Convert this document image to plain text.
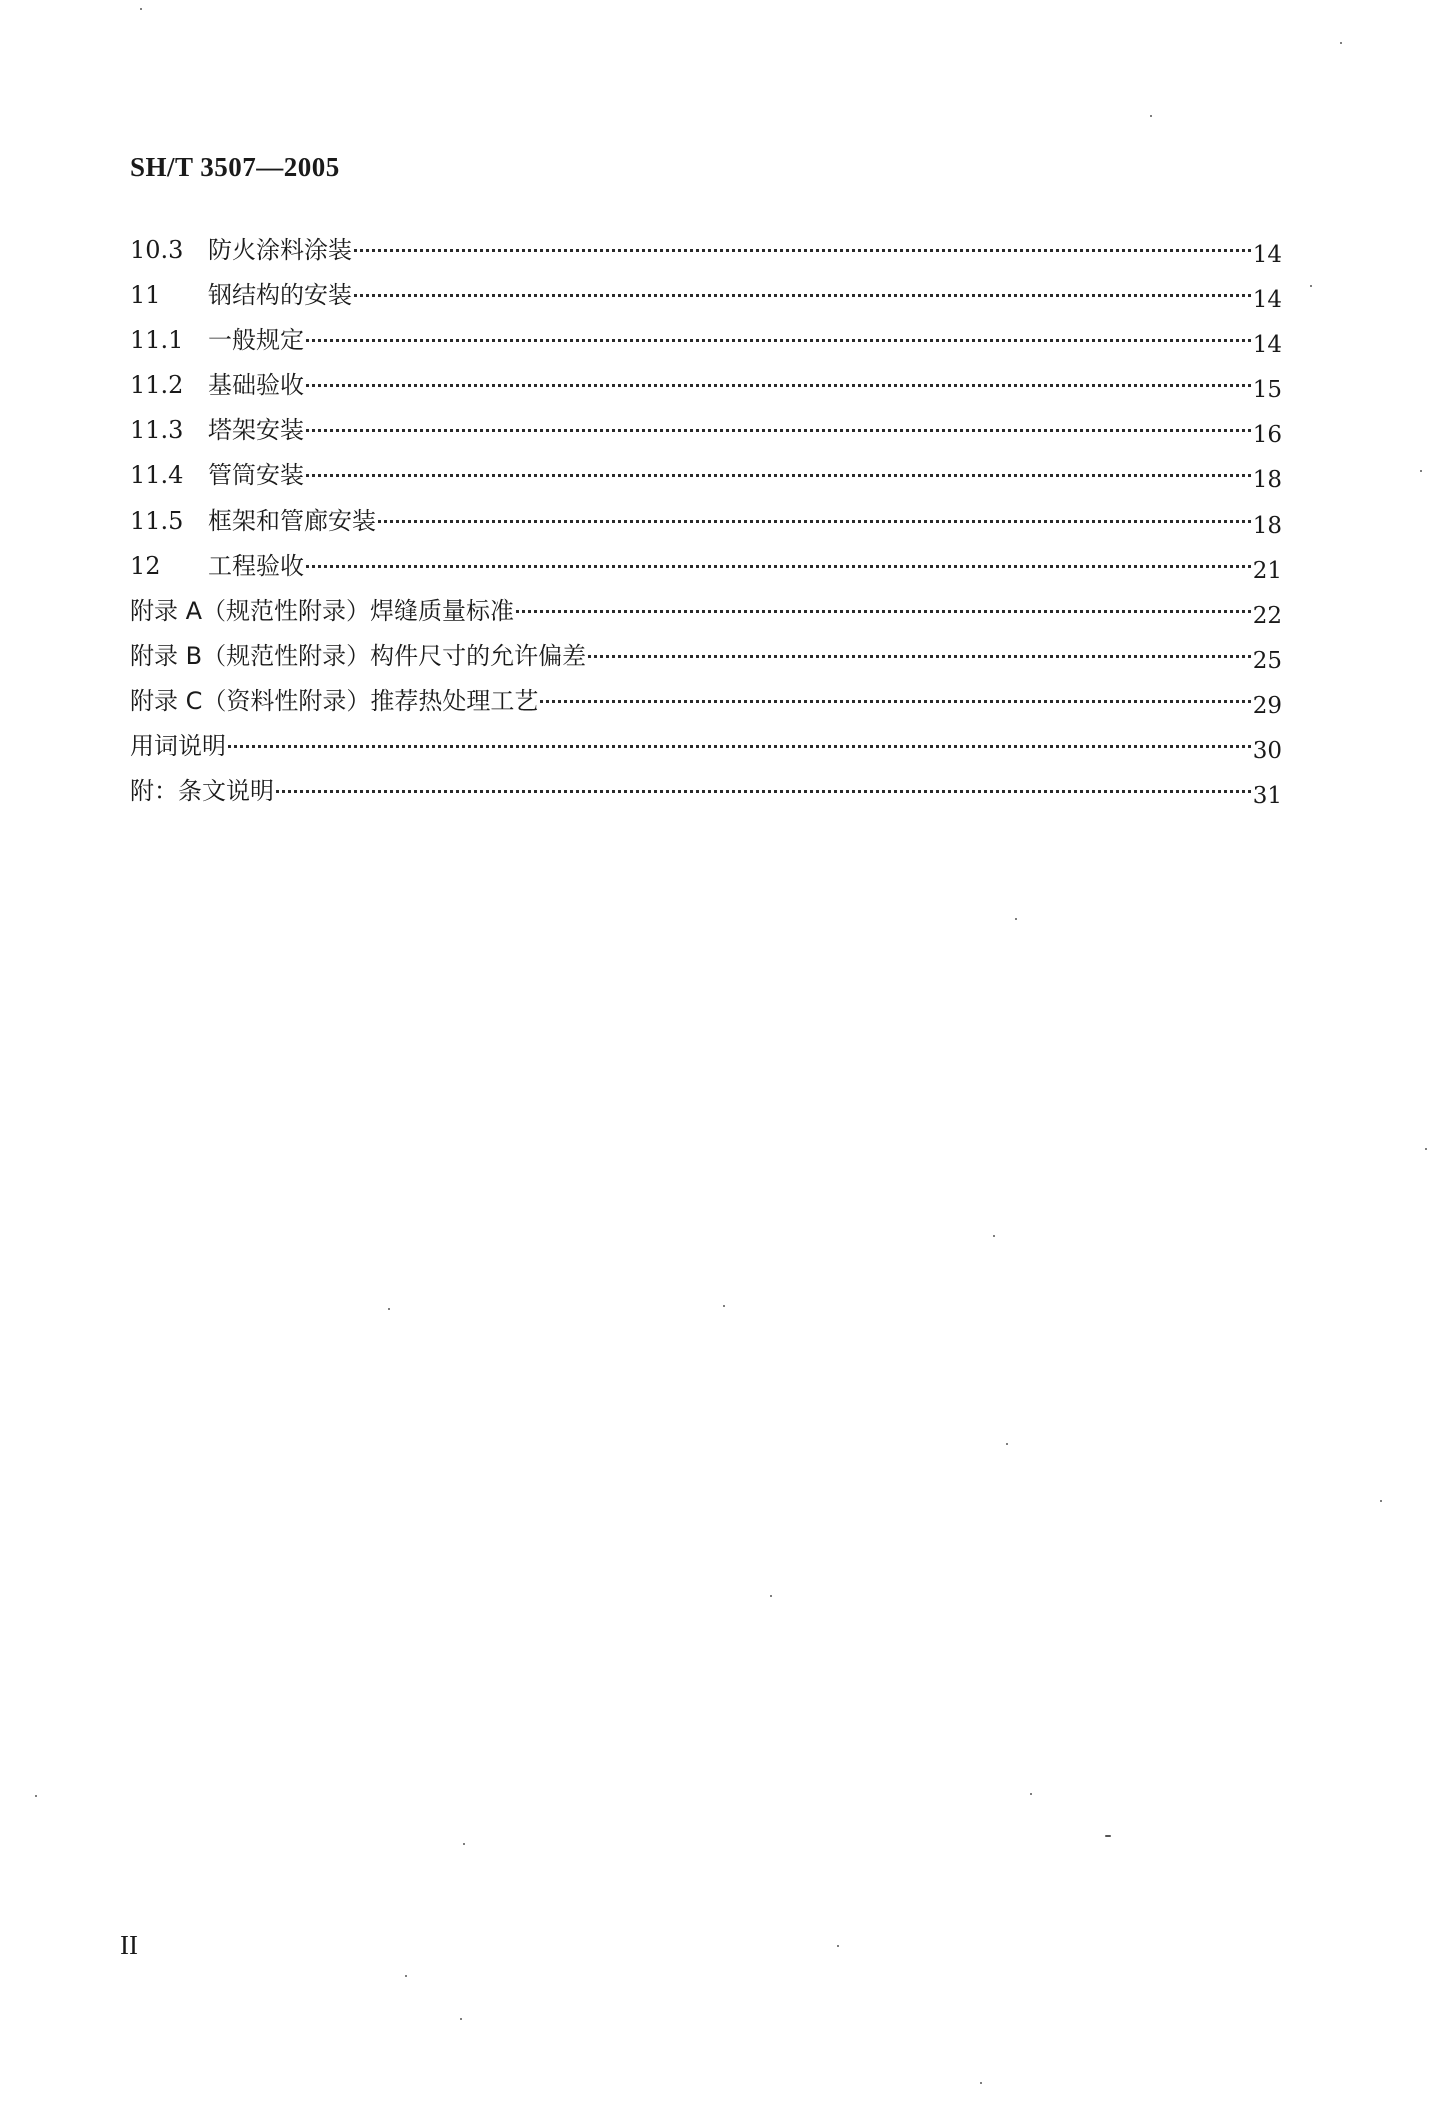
SH/T 3507—2005
10.3	防火涂料涂装	14
11	钢结构的安装	14
11.1	一般规定	14
11.2	基础验收	15
11.3	塔架安装	16
11.4	管筒安装	18
11.5	框架和管廊安装	18
12	工程验收	21
附录 A（规范性附录）焊缝质量标准	22
附录 B（规范性附录）构件尺寸的允许偏差	25
附录 C（资料性附录）推荐热处理工艺	29
用词说明	30
附：条文说明	31
II
